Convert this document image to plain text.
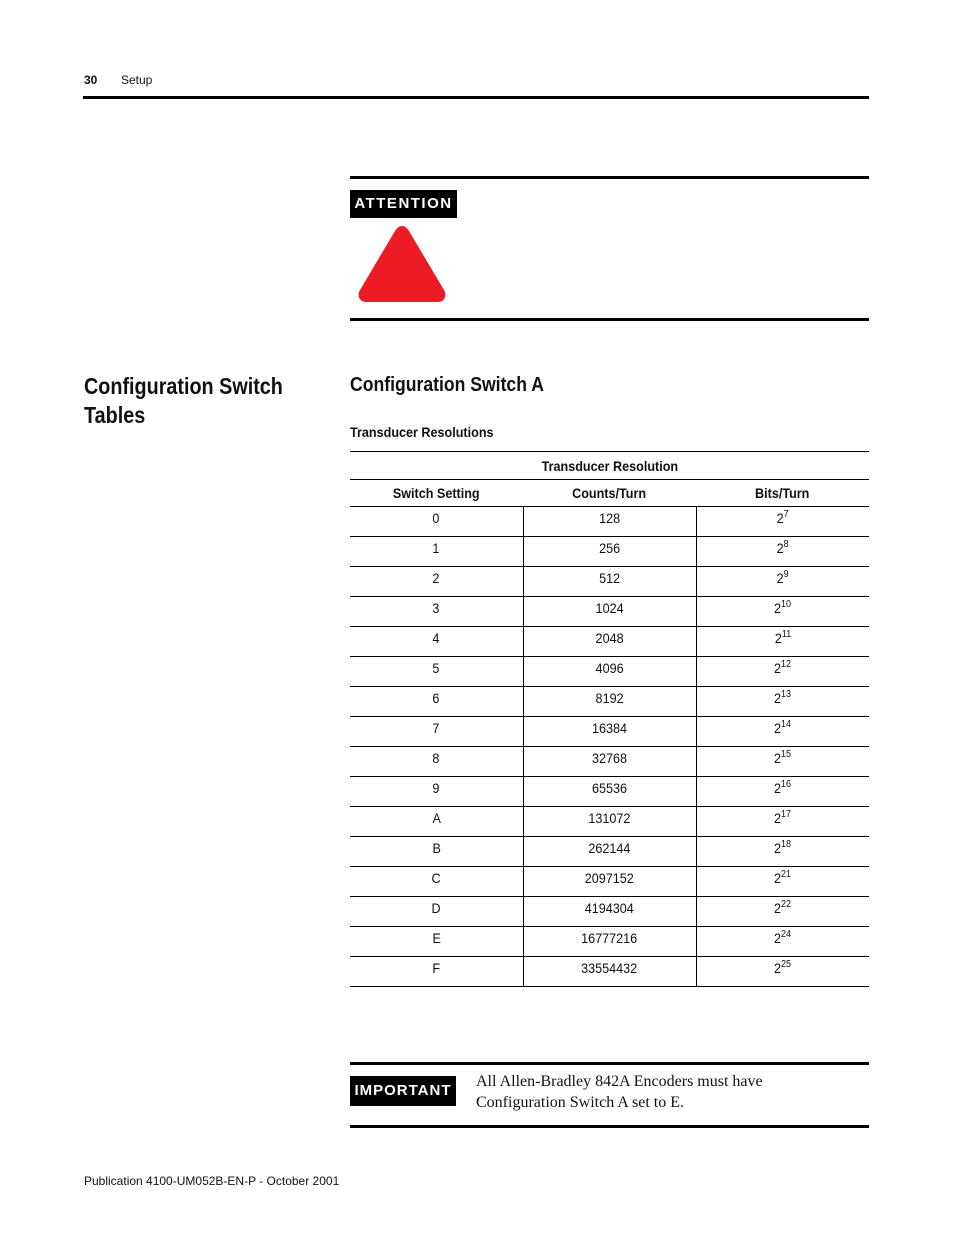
30 Setup
ATTENTION
Configuration Switch Tables
Configuration Switch A
Transducer Resolutions
Transducer Resolution		
Switch Setting	Counts/Turn	Bits/Turn
0	128	$2^7$
1	256	$2^8$
2	512	$2^9$
3	1024	$2^{10}$
4	2048	$2^{11}$
5	4096	$2^{12}$
6	8192	$2^{13}$
7	16384	$2^{14}$
8	32768	$2^{15}$
9	65536	$2^{16}$
A	131072	$2^{17}$
B	262144	$2^{18}$
C	2097152	$2^{21}$
D	4194304	$2^{22}$
E	16777216	$2^{24}$
F	33554432	$2^{25}$
IMPORTANT
All Allen-Bradley 842A Encoders must have
Configuration Switch A set to E.
Publication 4100-UM052B-EN-P - October 2001
